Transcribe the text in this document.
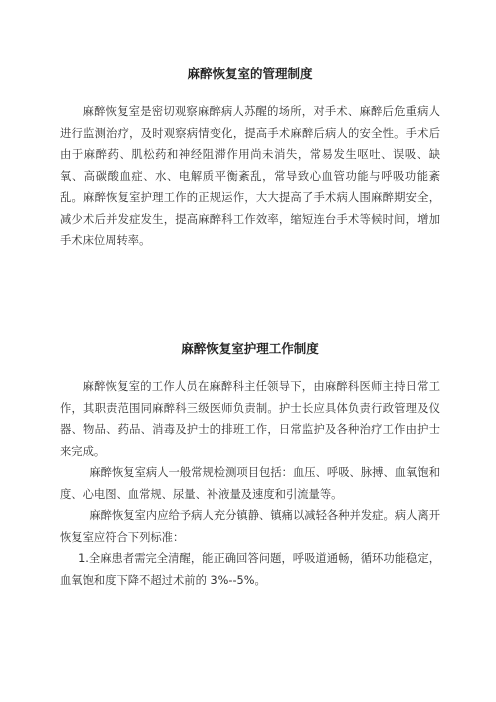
麻醉恢复室的管理制度

麻醉恢复室是密切观察麻醉病人苏醒的场所，对手术、麻醉后危重病人进行监测治疗，及时观察病情变化，提高手术麻醉后病人的安全性。手术后由于麻醉药、肌松药和神经阻滞作用尚未消失，常易发生呕吐、误吸、缺氧、高碳酸血症、水、电解质平衡紊乱，常导致心血管功能与呼吸功能紊乱。麻醉恢复室护理工作的正规运作，大大提高了手术病人围麻醉期安全，减少术后并发症发生，提高麻醉科工作效率，缩短连台手术等候时间，增加手术床位周转率。

麻醉恢复室护理工作制度

麻醉恢复室的工作人员在麻醉科主任领导下，由麻醉科医师主持日常工作，其职责范围同麻醉科三级医师负责制。护士长应具体负责行政管理及仪器、物品、药品、消毒及护士的排班工作，日常监护及各种治疗工作由护士来完成。

麻醉恢复室病人一般常规检测项目包括：血压、呼吸、脉搏、血氧饱和度、心电图、血常规、尿量、补液量及速度和引流量等。

麻醉恢复室内应给予病人充分镇静、镇痛以减轻各种并发症。病人离开恢复室应符合下列标准：

1.全麻患者需完全清醒，能正确回答问题，呼吸道通畅，循环功能稳定，血氧饱和度下降不超过术前的 3%--5%。
